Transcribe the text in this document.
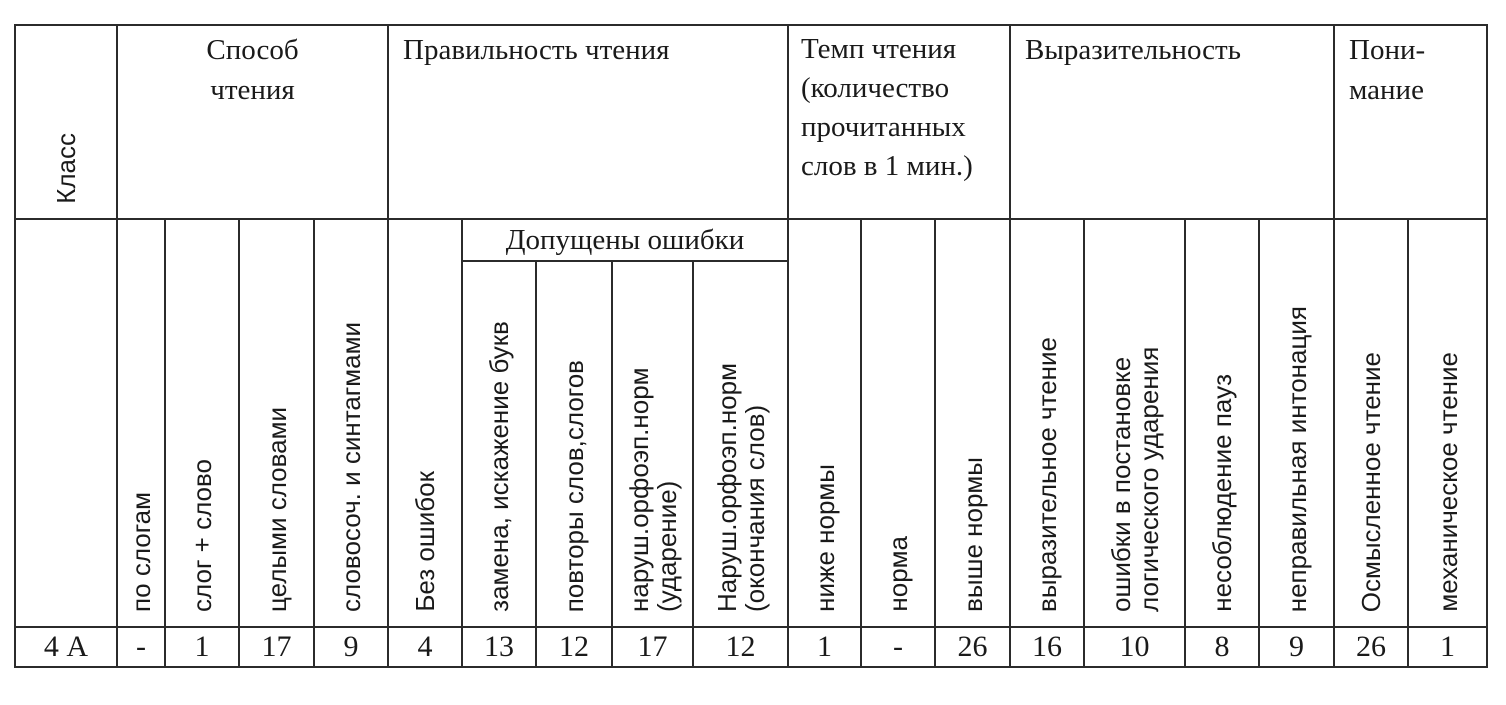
Класс	Способ чтения				Правильность чтения					Темп чтения (количество прочитанных слов в 1 мин.)			Выразительность				Пони-мание	

	по слогам	слог + слово	целыми словами	словосоч. и синтагмами	Без ошибок	Допущены ошибки				ниже нормы	норма	выше нормы	выразительное чтение	ошибки в постановке логического ударения	несоблюдение пауз	неправильная интонация	Осмысленное чтение	механическое чтение

						замена, искажение букв	повторы слов,слогов	наруш.орфоэп.норм (ударение)	Наруш.орфоэп.норм (окончания слов)									

4 А	-	1	17	9	4	13	12	17	12	1	-	26	16	10	8	9	26	1
